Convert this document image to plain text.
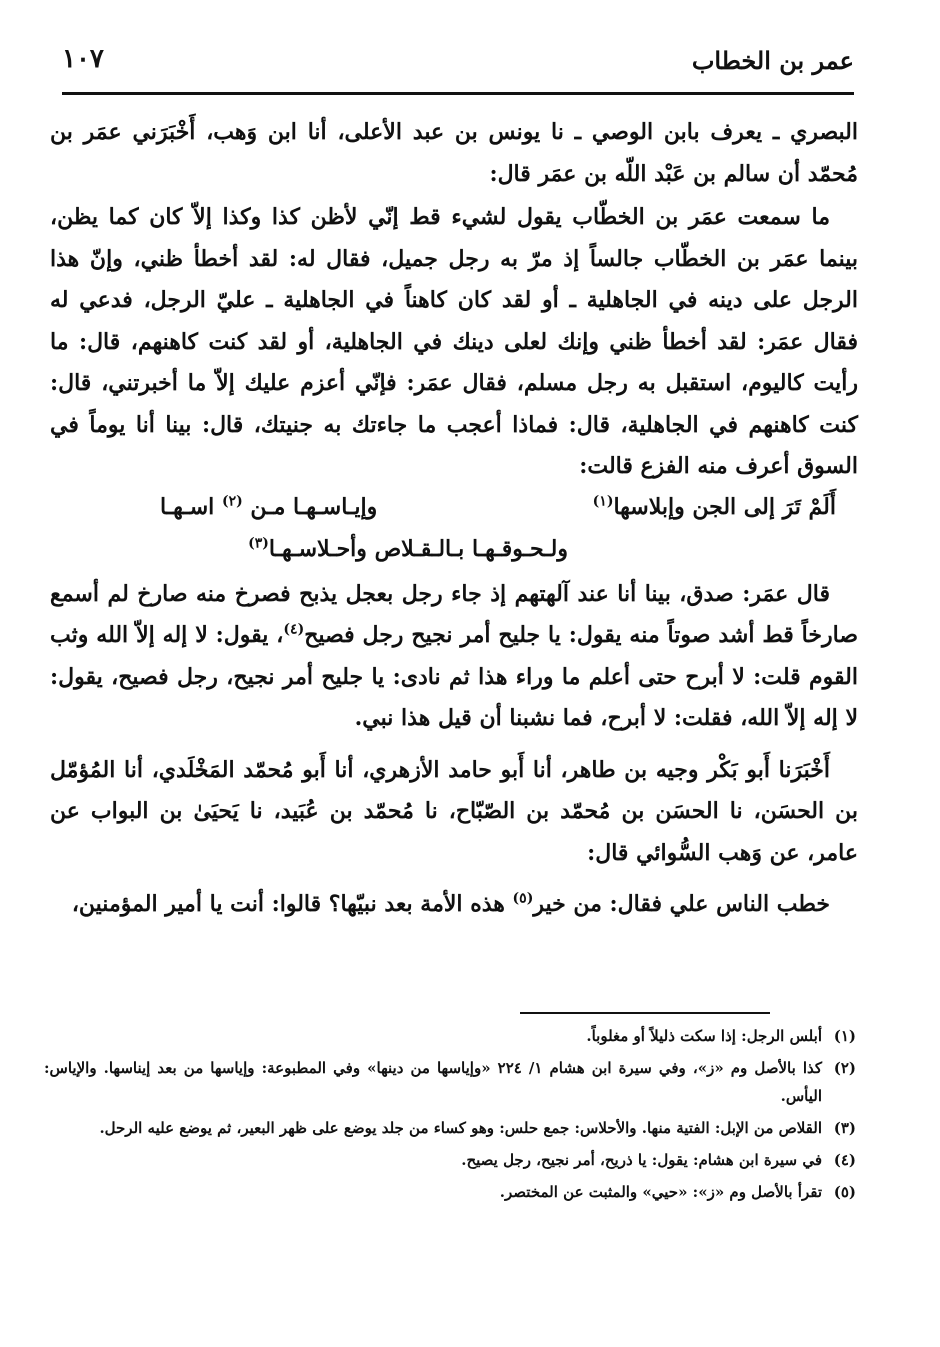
١٠٧	عمر بن الخطاب

البصري ـ يعرف بابن الوصي ـ نا يونس بن عبد الأعلى، أنا ابن وَهب، أَخْبَرَني عمَر بن مُحمّد أن سالم بن عَبْد اللّه بن عمَر قال:

ما سمعت عمَر بن الخطّاب يقول لشيء قط إنّي لأظن كذا وكذا إلاّ كان كما يظن، بينما عمَر بن الخطّاب جالساً إذ مرّ به رجل جميل، فقال له: لقد أخطأ ظني، وإنّ هذا الرجل على دينه في الجاهلية ـ أو لقد كان كاهناً في الجاهلية ـ عليّ الرجل، فدعي له فقال عمَر: لقد أخطأ ظني وإنك لعلى دينك في الجاهلية، أو لقد كنت كاهنهم، قال: ما رأيت كاليوم، استقبل به رجل مسلم، فقال عمَر: فإنّي أعزم عليك إلاّ ما أخبرتني، قال: كنت كاهنهم في الجاهلية، قال: فماذا أعجب ما جاءتك به جنيتك، قال: بينا أنا يوماً في السوق أعرف منه الفزع قالت:

أَلَمْ تَرَ إلى الجن وإبلاسها$^{(١)}$
وإيـاسـهـا مـن $^{(٢)}$ اسـهـا
ولـحـوقـهـا بـالـقـلاص وأحـلاسـهـا$^{(٣)}$

قال عمَر: صدق، بينا أنا عند آلهتهم إذ جاء رجل بعجل يذبح فصرخ منه صارخ لم أسمع صارخاً قط أشد صوتاً منه يقول: يا جليح أمر نجيح رجل فصيح$^{(٤)}$، يقول: لا إله إلاّ الله وثب القوم قلت: لا أبرح حتى أعلم ما وراء هذا ثم نادى: يا جليح أمر نجيح، رجل فصيح، يقول: لا إله إلاّ الله، فقلت: لا أبرح، فما نشبنا أن قيل هذا نبي.

أَخْبَرَنا أَبو بَكْر وجيه بن طاهر، أنا أَبو حامد الأزهري، أنا أَبو مُحمّد المَخْلَدي، أنا المُؤمّل بن الحسَن، نا الحسَن بن مُحمّد بن الصّبّاح، نا مُحمّد بن عُبَيد، نا يَحيَىٰ بن البواب عن عامر، عن وَهب السُّوائي قال:

خطب الناس علي فقال: من خير$^{(٥)}$ هذه الأمة بعد نبيّها؟ قالوا: أنت يا أمير المؤمنين،

(١)
أبلس الرجل: إذا سكت ذليلاً أو مغلوباً.
(٢)
كذا بالأصل وم «ز»، وفي سيرة ابن هشام ١/ ٢٢٤ «وإياسها من دينها» وفي المطبوعة: وإياسها من بعد إيناسها. والإياس: اليأس.
(٣)
القلاص من الإبل: الفتية منها. والأحلاس: جمع حلس: وهو كساء من جلد يوضع على ظهر البعير، ثم يوضع عليه الرحل.
(٤)
في سيرة ابن هشام: يقول: يا ذريح، أمر نجيح، رجل يصيح.
(٥)
تقرأ بالأصل وم «ز»: «حيي» والمثبت عن المختصر.
